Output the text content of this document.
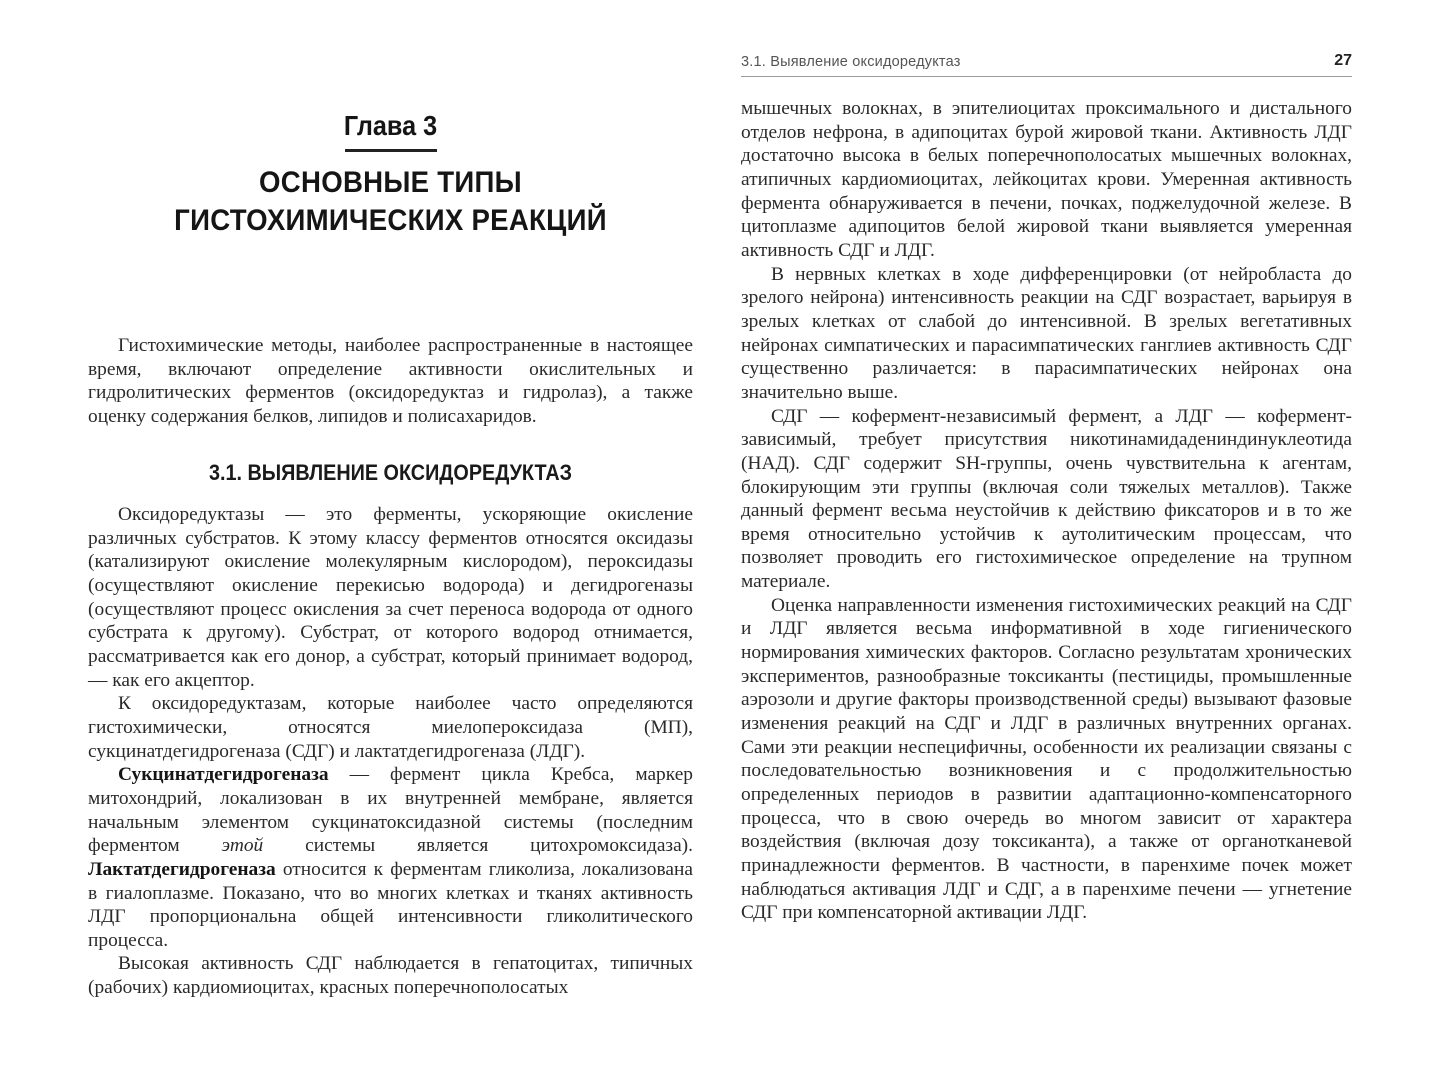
Глава 3
ОСНОВНЫЕ ТИПЫ ГИСТОХИМИЧЕСКИХ РЕАКЦИЙ

Гистохимические методы, наиболее распространенные в настоящее время, включают определение активности окислительных и гидролитических ферментов (оксидоредуктаз и гидролаз), а также оценку содержания белков, липидов и полисахаридов.

3.1. ВЫЯВЛЕНИЕ ОКСИДОРЕДУКТАЗ

Оксидоредуктазы — это ферменты, ускоряющие окисление различных субстратов. К этому классу ферментов относятся оксидазы (катализируют окисление молекулярным кислородом), пероксидазы (осуществляют окисление перекисью водорода) и дегидрогеназы (осуществляют процесс окисления за счет переноса водорода от одного субстрата к другому). Субстрат, от которого водород отнимается, рассматривается как его донор, а субстрат, который принимает водород, — как его акцептор.

К оксидоредуктазам, которые наиболее часто определяются гистохимически, относятся миелопероксидаза (МП), сукцинатдегидрогеназа (СДГ) и лактатдегидрогеназа (ЛДГ).

Сукцинатдегидрогеназа — фермент цикла Кребса, маркер митохондрий, локализован в их внутренней мембране, является начальным элементом сукцинатоксидазной системы (последним ферментом этой системы является цитохромоксидаза). Лактатдегидрогеназа относится к ферментам гликолиза, локализована в гиалоплазме. Показано, что во многих клетках и тканях активность ЛДГ пропорциональна общей интенсивности гликолитического процесса.

Высокая активность СДГ наблюдается в гепатоцитах, типичных (рабочих) кардиомиоцитах, красных поперечнополосатых

3.1. Выявление оксидоредуктаз	27

мышечных волокнах, в эпителиоцитах проксимального и дистального отделов нефрона, в адипоцитах бурой жировой ткани. Активность ЛДГ достаточно высока в белых поперечнополосатых мышечных волокнах, атипичных кардиомиоцитах, лейкоцитах крови. Умеренная активность фермента обнаруживается в печени, почках, поджелудочной железе. В цитоплазме адипоцитов белой жировой ткани выявляется умеренная активность СДГ и ЛДГ.

В нервных клетках в ходе дифференцировки (от нейробласта до зрелого нейрона) интенсивность реакции на СДГ возрастает, варьируя в зрелых клетках от слабой до интенсивной. В зрелых вегетативных нейронах симпатических и парасимпатических ганглиев активность СДГ существенно различается: в парасимпатических нейронах она значительно выше.

СДГ — кофермент-независимый фермент, а ЛДГ — кофермент-зависимый, требует присутствия никотинамидадениндинуклеотида (НАД). СДГ содержит SH-группы, очень чувствительна к агентам, блокирующим эти группы (включая соли тяжелых металлов). Также данный фермент весьма неустойчив к действию фиксаторов и в то же время относительно устойчив к аутолитическим процессам, что позволяет проводить его гистохимическое определение на трупном материале.

Оценка направленности изменения гистохимических реакций на СДГ и ЛДГ является весьма информативной в ходе гигиенического нормирования химических факторов. Согласно результатам хронических экспериментов, разнообразные токсиканты (пестициды, промышленные аэрозоли и другие факторы производственной среды) вызывают фазовые изменения реакций на СДГ и ЛДГ в различных внутренних органах. Сами эти реакции неспецифичны, особенности их реализации связаны с последовательностью возникновения и с продолжительностью определенных периодов в развитии адаптационно-компенсаторного процесса, что в свою очередь во многом зависит от характера воздействия (включая дозу токсиканта), а также от органотканевой принадлежности ферментов. В частности, в паренхиме почек может наблюдаться активация ЛДГ и СДГ, а в паренхиме печени — угнетение СДГ при компенсаторной активации ЛДГ.
